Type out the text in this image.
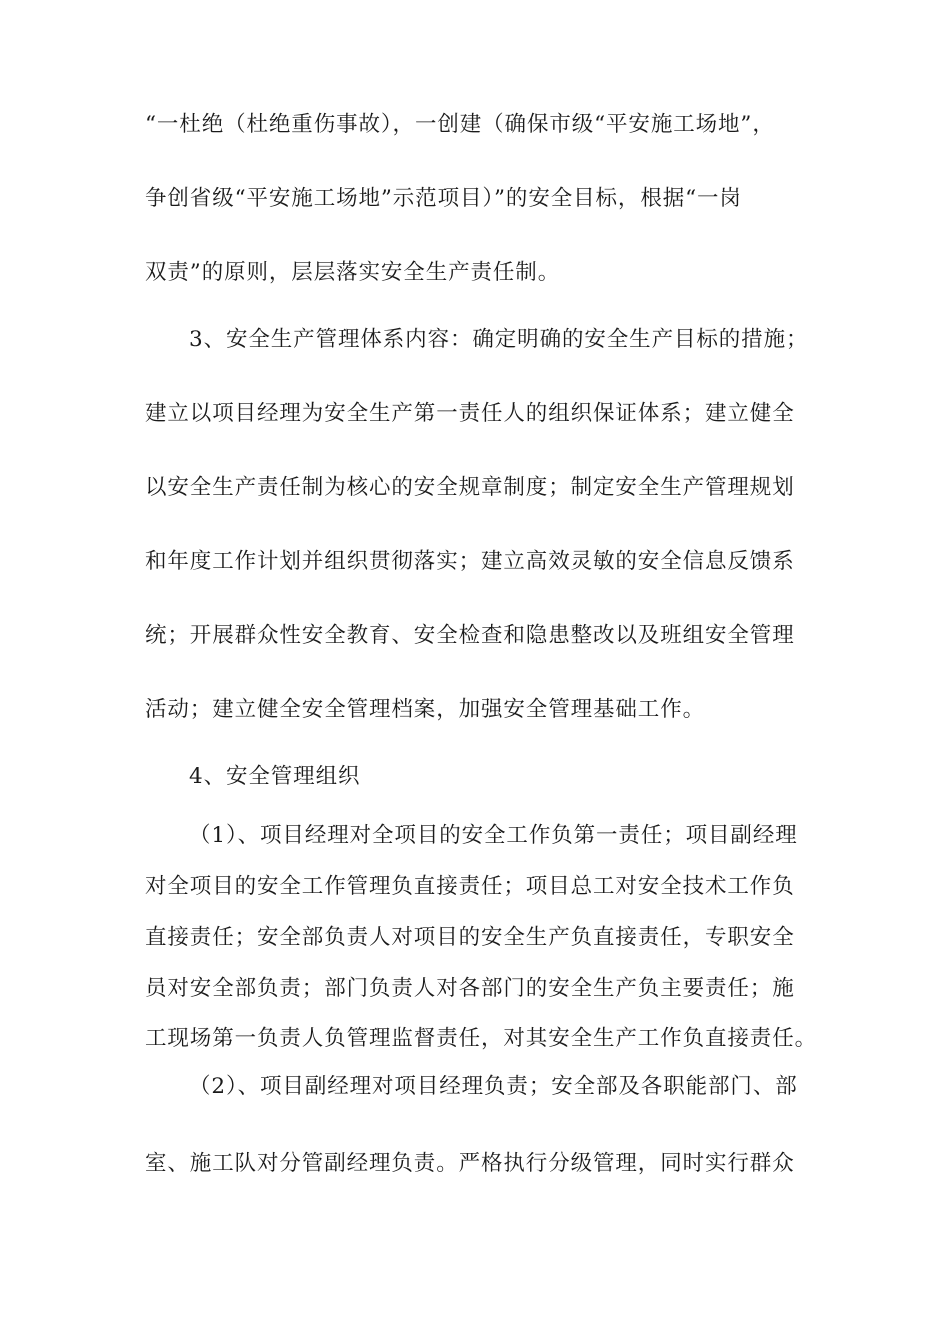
“一杜绝（杜绝重伤事故），一创建（确保市级“平安施工场地”，
争创省级“平安施工场地”示范项目）”的安全目标，根据“一岗
双责”的原则，层层落实安全生产责任制。
3、安全生产管理体系内容：确定明确的安全生产目标的措施；
建立以项目经理为安全生产第一责任人的组织保证体系；建立健全
以安全生产责任制为核心的安全规章制度；制定安全生产管理规划
和年度工作计划并组织贯彻落实；建立高效灵敏的安全信息反馈系
统；开展群众性安全教育、安全检查和隐患整改以及班组安全管理
活动；建立健全安全管理档案，加强安全管理基础工作。
4、安全管理组织
（1）、项目经理对全项目的安全工作负第一责任；项目副经理
对全项目的安全工作管理负直接责任；项目总工对安全技术工作负
直接责任；安全部负责人对项目的安全生产负直接责任，专职安全
员对安全部负责；部门负责人对各部门的安全生产负主要责任；施
工现场第一负责人负管理监督责任，对其安全生产工作负直接责任。
（2）、项目副经理对项目经理负责；安全部及各职能部门、部
室、施工队对分管副经理负责。严格执行分级管理，同时实行群众
